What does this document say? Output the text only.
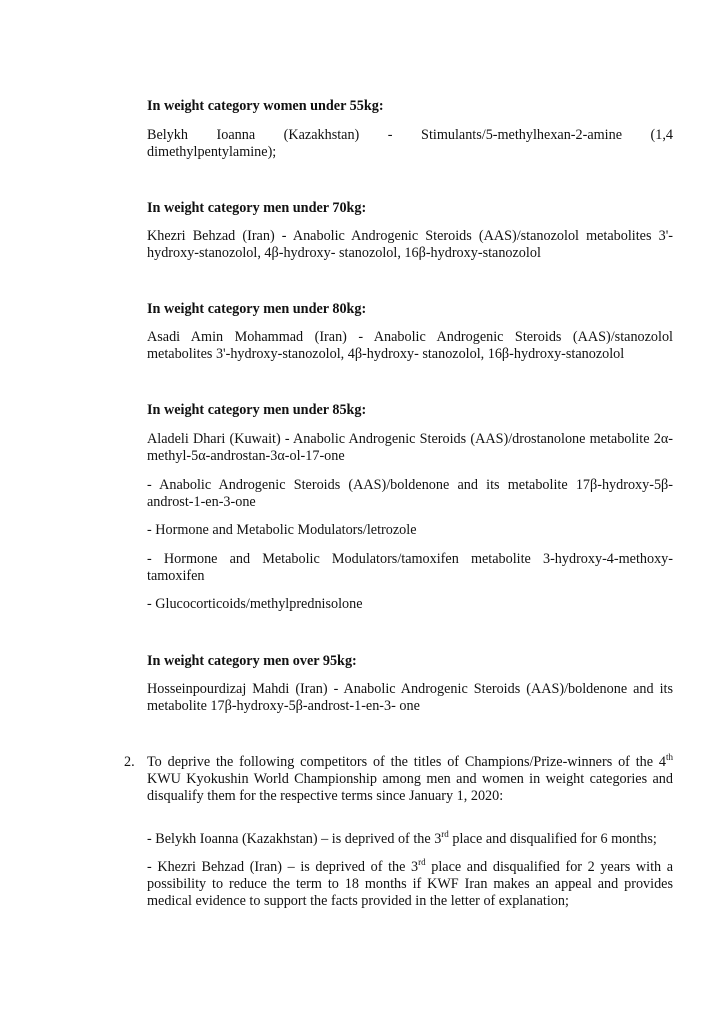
In weight category women under 55kg:

Belykh Ioanna (Kazakhstan) - Stimulants/5-methylhexan-2-amine (1,4 dimethylpentylamine);

In weight category men under 70kg:

Khezri Behzad (Iran) - Anabolic Androgenic Steroids (AAS)/stanozolol metabolites 3'-hydroxy-stanozolol, 4β-hydroxy- stanozolol, 16β-hydroxy-stanozolol

In weight category men under 80kg:

Asadi Amin Mohammad (Iran) - Anabolic Androgenic Steroids (AAS)/stanozolol metabolites 3'-hydroxy-stanozolol, 4β-hydroxy- stanozolol, 16β-hydroxy-stanozolol

In weight category men under 85kg:

Aladeli Dhari (Kuwait) - Anabolic Androgenic Steroids (AAS)/drostanolone metabolite 2α-methyl-5α-androstan-3α-ol-17-one

- Anabolic Androgenic Steroids (AAS)/boldenone and its metabolite 17β-hydroxy-5β-androst-1-en-3-one

- Hormone and Metabolic Modulators/letrozole

- Hormone and Metabolic Modulators/tamoxifen metabolite 3-hydroxy-4-methoxy-tamoxifen

- Glucocorticoids/methylprednisolone

In weight category men over 95kg:

Hosseinpourdizaj Mahdi (Iran) - Anabolic Androgenic Steroids (AAS)/boldenone and its metabolite 17β-hydroxy-5β-androst-1-en-3- one

2. To deprive the following competitors of the titles of Champions/Prize-winners of the 4th KWU Kyokushin World Championship among men and women in weight categories and disqualify them for the respective terms since January 1, 2020:

- Belykh Ioanna (Kazakhstan) – is deprived of the 3rd place and disqualified for 6 months;

- Khezri Behzad (Iran) – is deprived of the 3rd place and disqualified for 2 years with a possibility to reduce the term to 18 months if KWF Iran makes an appeal and provides medical evidence to support the facts provided in the letter of explanation;
